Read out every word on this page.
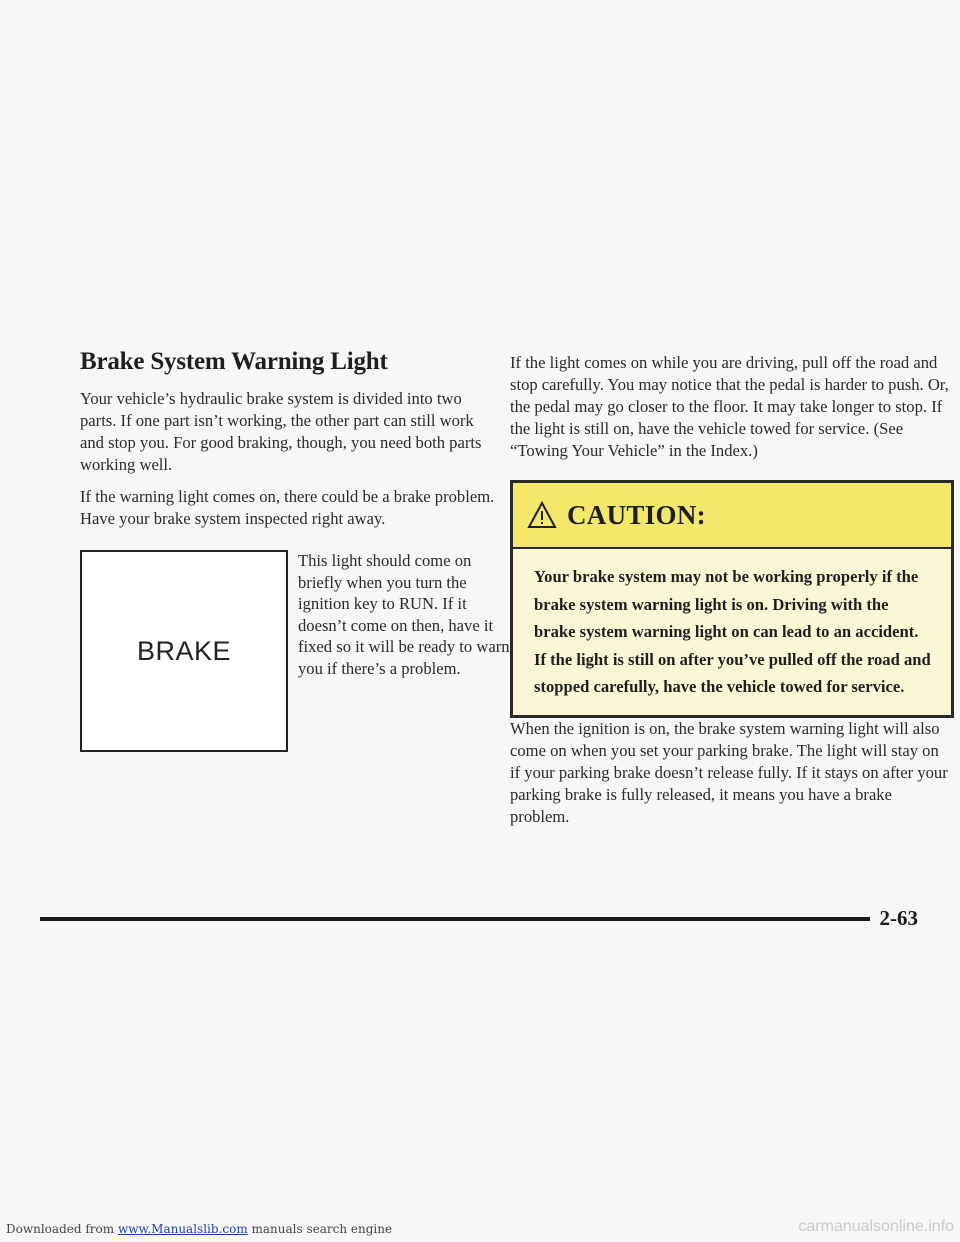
Brake System Warning Light

Your vehicle’s hydraulic brake system is divided into two parts. If one part isn’t working, the other part can still work and stop you. For good braking, though, you need both parts working well.

If the warning light comes on, there could be a brake problem. Have your brake system inspected right away.

BRAKE

This light should come on briefly when you turn the ignition key to RUN. If it doesn’t come on then, have it fixed so it will be ready to warn you if there’s a problem.

If the light comes on while you are driving, pull off the road and stop carefully. You may notice that the pedal is harder to push. Or, the pedal may go closer to the floor. It may take longer to stop. If the light is still on, have the vehicle towed for service. (See “Towing Your Vehicle” in the Index.)

CAUTION:
Your brake system may not be working properly if the brake system warning light is on. Driving with the brake system warning light on can lead to an accident. If the light is still on after you’ve pulled off the road and stopped carefully, have the vehicle towed for service.

When the ignition is on, the brake system warning light will also come on when you set your parking brake. The light will stay on if your parking brake doesn’t release fully. If it stays on after your parking brake is fully released, it means you have a brake problem.

2-63
Downloaded from www.Manualslib.com manuals search engine	carmanualsonline.info
